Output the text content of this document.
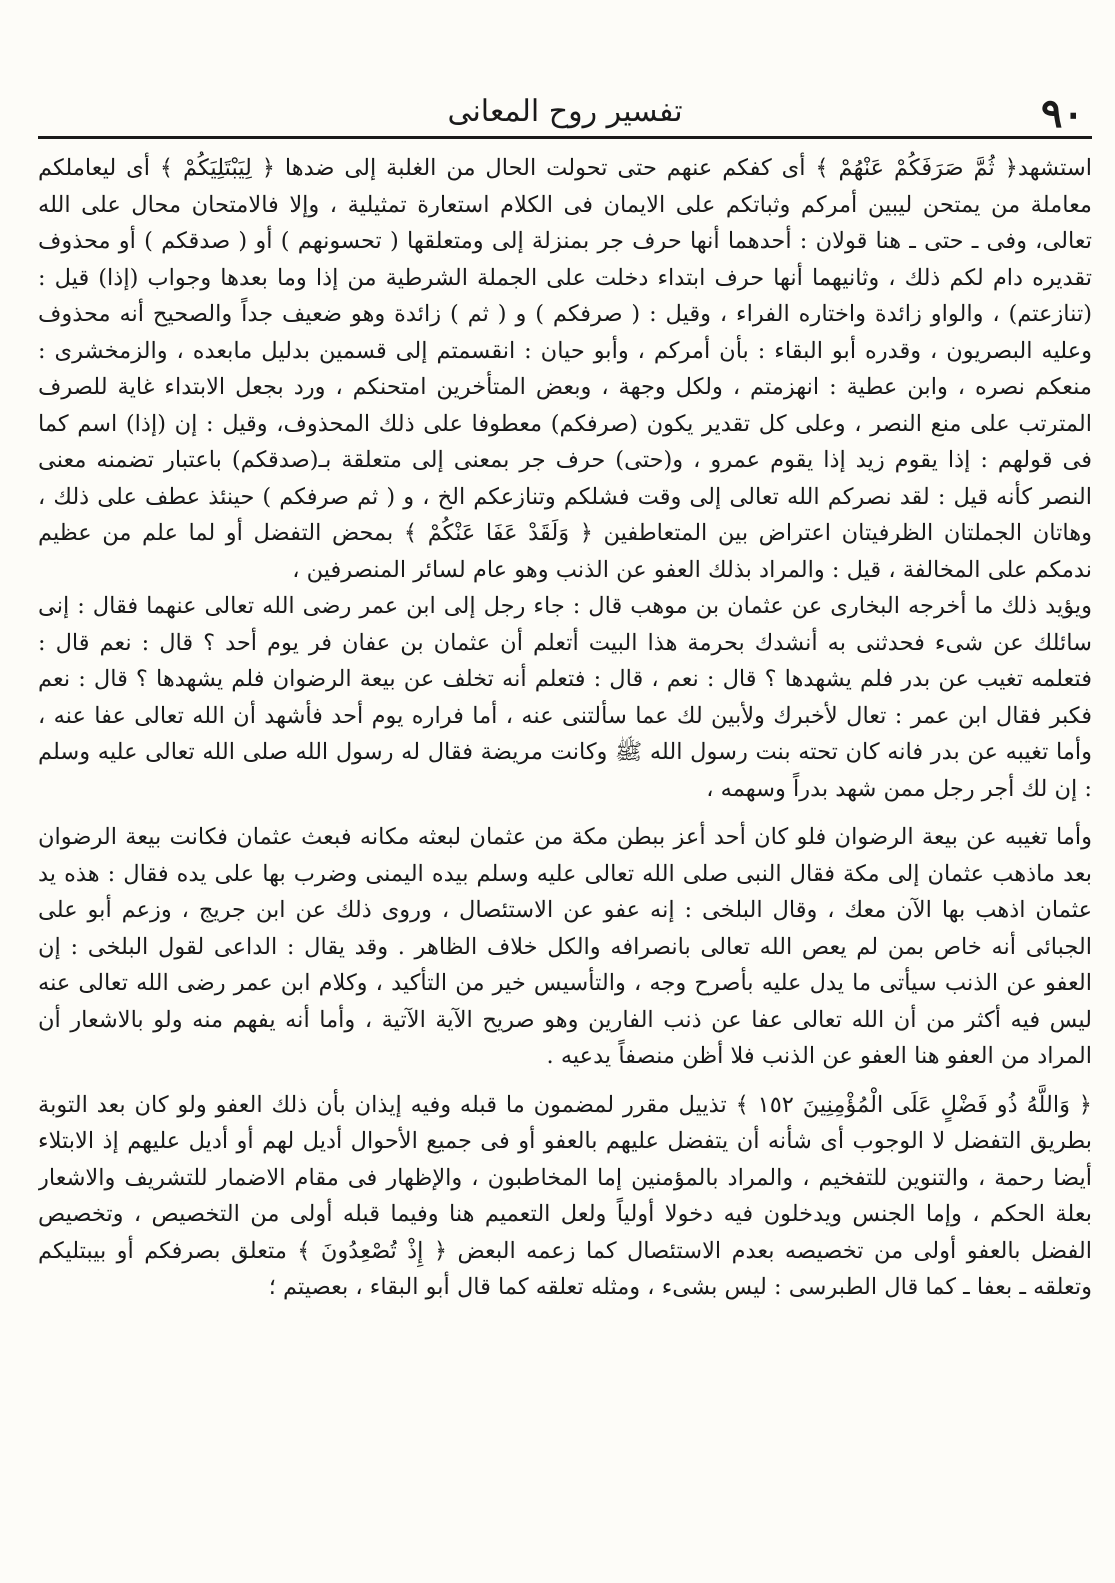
٩٠
تفسير روح المعانى

استشهد﴿ ثُمَّ صَرَفَكُمْ عَنْهُمْ ﴾ أى كفكم عنهم حتى تحولت الحال من الغلبة إلى ضدها ﴿ لِيَبْتَلِيَكُمْ ﴾ أى ليعاملكم معاملة من يمتحن ليبين أمركم وثباتكم على الايمان فى الكلام استعارة تمثيلية ، وإلا فالامتحان محال على الله تعالى، وفى ـ حتى ـ هنا قولان : أحدهما أنها حرف جر بمنزلة إلى ومتعلقها ( تحسونهم ) أو ( صدقكم ) أو محذوف تقديره دام لكم ذلك ، وثانيهما أنها حرف ابتداء دخلت على الجملة الشرطية من إذا وما بعدها وجواب (إذا) قيل : (تنازعتم) ، والواو زائدة واختاره الفراء ، وقيل : ( صرفكم ) و ( ثم ) زائدة وهو ضعيف جداً والصحيح أنه محذوف وعليه البصريون ، وقدره أبو البقاء : بأن أمركم ، وأبو حيان : انقسمتم إلى قسمين بدليل مابعده ، والزمخشرى : منعكم نصره ، وابن عطية : انهزمتم ، ولكل وجهة ، وبعض المتأخرين امتحنكم ، ورد بجعل الابتداء غاية للصرف المترتب على منع النصر ، وعلى كل تقدير يكون (صرفكم) معطوفا على ذلك المحذوف، وقيل : إن (إذا) اسم كما فى قولهم : إذا يقوم زيد إذا يقوم عمرو ، و(حتى) حرف جر بمعنى إلى متعلقة بـ(صدقكم) باعتبار تضمنه معنى النصر كأنه قيل : لقد نصركم الله تعالى إلى وقت فشلكم وتنازعكم الخ ، و ( ثم صرفكم ) حينئذ عطف على ذلك ، وهاتان الجملتان الظرفيتان اعتراض بين المتعاطفين ﴿ وَلَقَدْ عَفَا عَنْكُمْ ﴾ بمحض التفضل أو لما علم من عظيم ندمكم على المخالفة ، قيل : والمراد بذلك العفو عن الذنب وهو عام لسائر المنصرفين ،

ويؤيد ذلك ما أخرجه البخارى عن عثمان بن موهب قال : جاء رجل إلى ابن عمر رضى الله تعالى عنهما فقال : إنى سائلك عن شىء فحدثنى به أنشدك بحرمة هذا البيت أتعلم أن عثمان بن عفان فر يوم أحد ؟ قال : نعم قال : فتعلمه تغيب عن بدر فلم يشهدها ؟ قال : نعم ، قال : فتعلم أنه تخلف عن بيعة الرضوان فلم يشهدها ؟ قال : نعم فكبر فقال ابن عمر : تعال لأخبرك ولأبين لك عما سألتنى عنه ، أما فراره يوم أحد فأشهد أن الله تعالى عفا عنه ، وأما تغيبه عن بدر فانه كان تحته بنت رسول الله ﷺ وكانت مريضة فقال له رسول الله صلى الله تعالى عليه وسلم : إن لك أجر رجل ممن شهد بدراً وسهمه ،

وأما تغيبه عن بيعة الرضوان فلو كان أحد أعز ببطن مكة من عثمان لبعثه مكانه فبعث عثمان فكانت بيعة الرضوان بعد ماذهب عثمان إلى مكة فقال النبى صلى الله تعالى عليه وسلم بيده اليمنى وضرب بها على يده فقال : هذه يد عثمان اذهب بها الآن معك ، وقال البلخى : إنه عفو عن الاستئصال ، وروى ذلك عن ابن جريج ، وزعم أبو على الجبائى أنه خاص بمن لم يعص الله تعالى بانصرافه والكل خلاف الظاهر . وقد يقال : الداعى لقول البلخى : إن العفو عن الذنب سيأتى ما يدل عليه بأصرح وجه ، والتأسيس خير من التأكيد ، وكلام ابن عمر رضى الله تعالى عنه ليس فيه أكثر من أن الله تعالى عفا عن ذنب الفارين وهو صريح الآية الآتية ، وأما أنه يفهم منه ولو بالاشعار أن المراد من العفو هنا العفو عن الذنب فلا أظن منصفاً يدعيه .

﴿ وَاللَّهُ ذُو فَضْلٍ عَلَى الْمُؤْمِنِينَ ١٥٢ ﴾ تذييل مقرر لمضمون ما قبله وفيه إيذان بأن ذلك العفو ولو كان بعد التوبة بطريق التفضل لا الوجوب أى شأنه أن يتفضل عليهم بالعفو أو فى جميع الأحوال أديل لهم أو أديل عليهم إذ الابتلاء أيضا رحمة ، والتنوين للتفخيم ، والمراد بالمؤمنين إما المخاطبون ، والإظهار فى مقام الاضمار للتشريف والاشعار بعلة الحكم ، وإما الجنس ويدخلون فيه دخولا أولياً ولعل التعميم هنا وفيما قبله أولى من التخصيص ، وتخصيص الفضل بالعفو أولى من تخصيصه بعدم الاستئصال كما زعمه البعض ﴿ إِذْ تُصْعِدُونَ ﴾ متعلق بصرفكم أو بيبتليكم وتعلقه ـ بعفا ـ كما قال الطبرسى : ليس بشىء ، ومثله تعلقه كما قال أبو البقاء ، بعصيتم ؛
